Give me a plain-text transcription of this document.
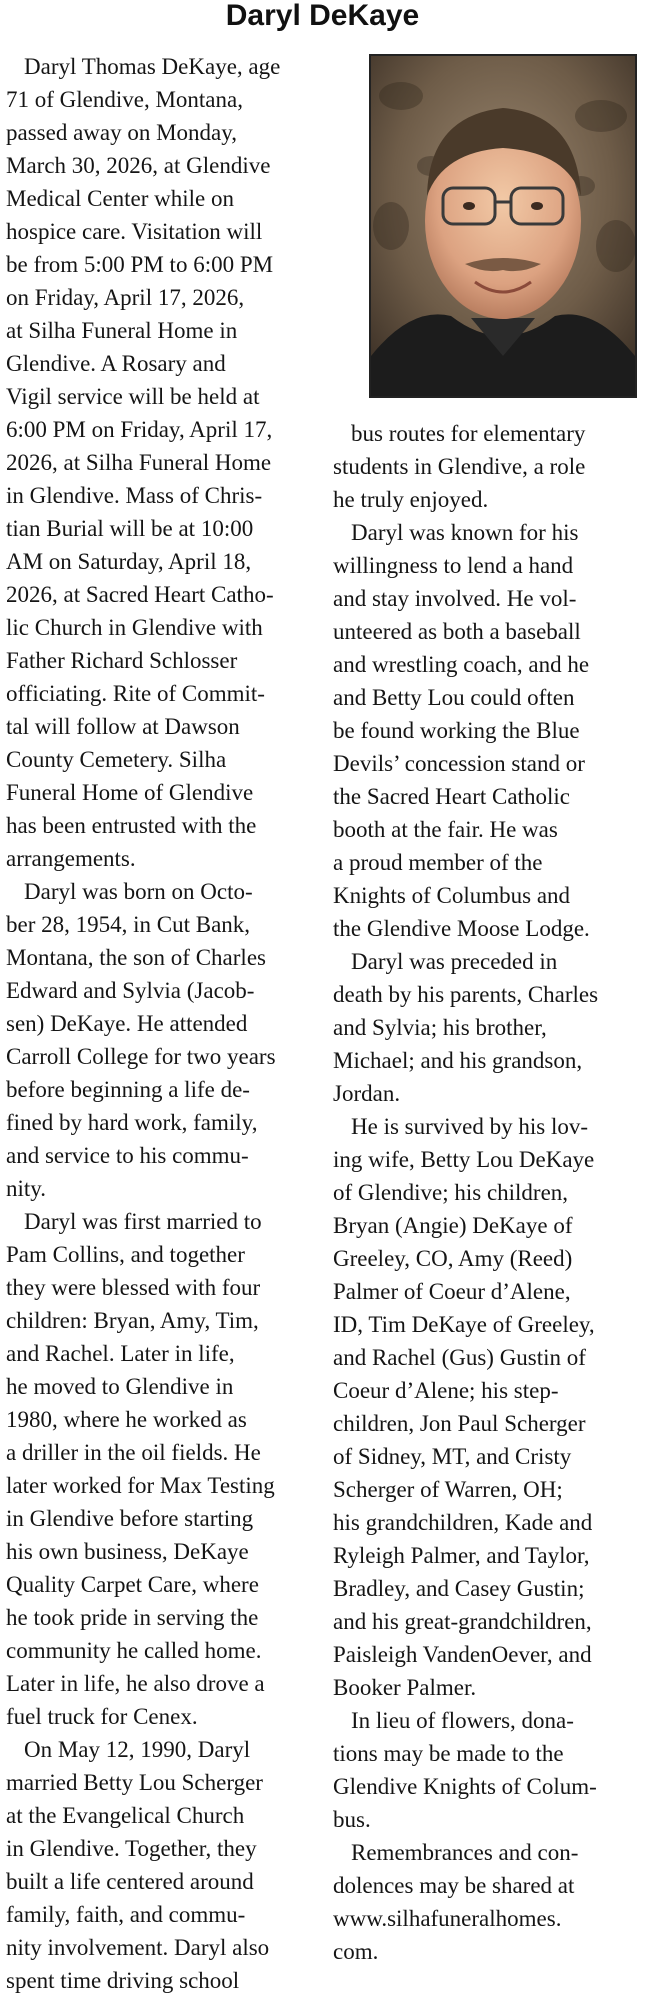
Daryl DeKaye

Daryl Thomas DeKaye, age
71 of Glendive, Montana,
passed away on Monday,
March 30, 2026, at Glendive
Medical Center while on
hospice care. Visitation will
be from 5:00 PM to 6:00 PM
on Friday, April 17, 2026,
at Silha Funeral Home in
Glendive. A Rosary and
Vigil service will be held at
6:00 PM on Friday, April 17,
2026, at Silha Funeral Home
in Glendive. Mass of Chris-
tian Burial will be at 10:00
AM on Saturday, April 18,
2026, at Sacred Heart Catho-
lic Church in Glendive with
Father Richard Schlosser
officiating. Rite of Commit-
tal will follow at Dawson
County Cemetery. Silha
Funeral Home of Glendive
has been entrusted with the
arrangements.

Daryl was born on Octo-
ber 28, 1954, in Cut Bank,
Montana, the son of Charles
Edward and Sylvia (Jacob-
sen) DeKaye. He attended
Carroll College for two years
before beginning a life de-
fined by hard work, family,
and service to his commu-
nity.

Daryl was first married to
Pam Collins, and together
they were blessed with four
children: Bryan, Amy, Tim,
and Rachel. Later in life,
he moved to Glendive in
1980, where he worked as
a driller in the oil fields. He
later worked for Max Testing
in Glendive before starting
his own business, DeKaye
Quality Carpet Care, where
he took pride in serving the
community he called home.
Later in life, he also drove a
fuel truck for Cenex.

On May 12, 1990, Daryl
married Betty Lou Scherger
at the Evangelical Church
in Glendive. Together, they
built a life centered around
family, faith, and commu-
nity involvement. Daryl also
spent time driving school

bus routes for elementary
students in Glendive, a role
he truly enjoyed.

Daryl was known for his
willingness to lend a hand
and stay involved. He vol-
unteered as both a baseball
and wrestling coach, and he
and Betty Lou could often
be found working the Blue
Devils’ concession stand or
the Sacred Heart Catholic
booth at the fair. He was
a proud member of the
Knights of Columbus and
the Glendive Moose Lodge.

Daryl was preceded in
death by his parents, Charles
and Sylvia; his brother,
Michael; and his grandson,
Jordan.

He is survived by his lov-
ing wife, Betty Lou DeKaye
of Glendive; his children,
Bryan (Angie) DeKaye of
Greeley, CO, Amy (Reed)
Palmer of Coeur d’Alene,
ID, Tim DeKaye of Greeley,
and Rachel (Gus) Gustin of
Coeur d’Alene; his step-
children, Jon Paul Scherger
of Sidney, MT, and Cristy
Scherger of Warren, OH;
his grandchildren, Kade and
Ryleigh Palmer, and Taylor,
Bradley, and Casey Gustin;
and his great-grandchildren,
Paisleigh VandenOever, and
Booker Palmer.

In lieu of flowers, dona-
tions may be made to the
Glendive Knights of Colum-
bus.

Remembrances and con-
dolences may be shared at
www.silhafuneralhomes.
com.
